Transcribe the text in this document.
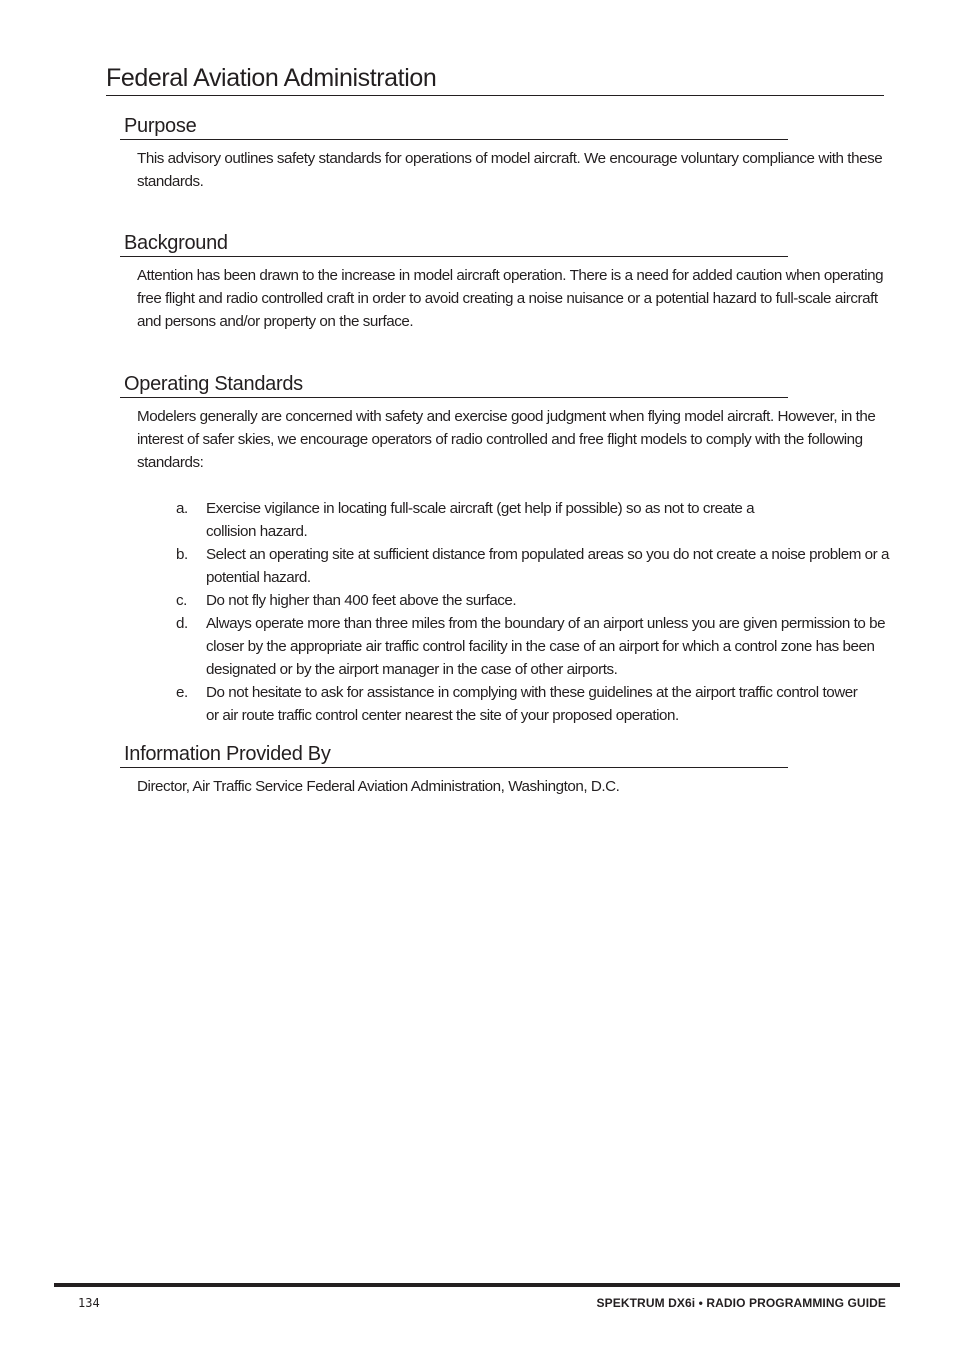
Federal Aviation Administration
Purpose

This advisory outlines safety standards for operations of model aircraft. We encourage voluntary compliance with these standards.

Background

Attention has been drawn to the increase in model aircraft operation. There is a need for added caution when operating free flight and radio controlled craft in order to avoid creating a noise nuisance or a potential hazard to full-scale aircraft and persons and/or property on the surface.

Operating Standards

Modelers generally are concerned with safety and exercise good judgment when flying model aircraft. However, in the interest of safer skies, we encourage operators of radio controlled and free flight models to comply with the following standards:

a.	Exercise vigilance in locating full-scale aircraft (get help if possible) so as not to create a collision hazard.
b.	Select an operating site at sufficient distance from populated areas so you do not create a noise problem or a potential hazard.
c.	Do not fly higher than 400 feet above the surface.
d.	Always operate more than three miles from the boundary of an airport unless you are given permission to be closer by the appropriate air traffic control facility in the case of an airport for which a control zone has been designated or by the airport manager in the case of other airports.
e.	Do not hesitate to ask for assistance in complying with these guidelines at the airport traffic control tower or air route traffic control center nearest the site of your proposed operation.
Information Provided By

Director, Air Traffic Service Federal Aviation Administration, Washington, D.C.

134	SPEKTRUM DX6i • RADIO PROGRAMMING GUIDE
